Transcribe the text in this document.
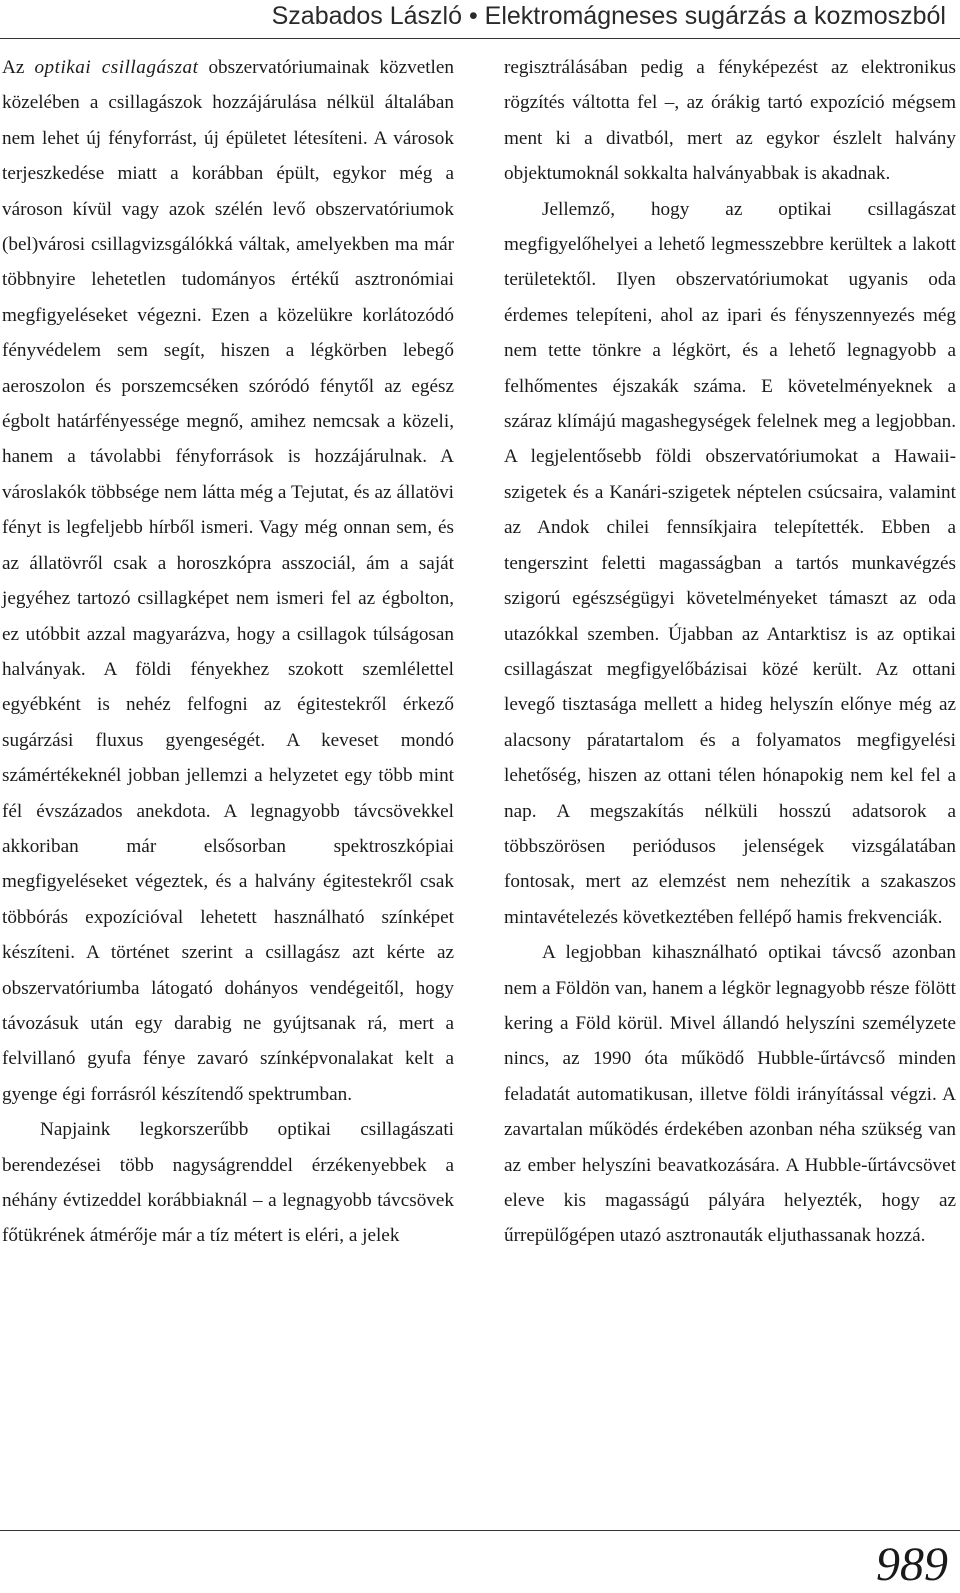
Szabados László • Elektromágneses sugárzás a kozmoszból

Az optikai csillagászat obszervatóriumainak közvetlen közelében a csillagászok hozzájárulása nélkül általában nem lehet új fényforrást, új épületet létesíteni. A városok terjeszkedése miatt a korábban épült, egykor még a városon kívül vagy azok szélén levő obszervatóriumok (bel)városi csillagvizsgálókká váltak, amelyekben ma már többnyire lehetetlen tudományos értékű asztronómiai megfigyeléseket végezni. Ezen a közelükre korlátozódó fényvédelem sem segít, hiszen a légkörben lebegő aeroszolon és porszemcséken szóródó fénytől az egész égbolt határfényessége megnő, amihez nemcsak a közeli, hanem a távolabbi fényforrások is hozzájárulnak. A városlakók többsége nem látta még a Tejutat, és az állatövi fényt is legfeljebb hírből ismeri. Vagy még onnan sem, és az állatövről csak a horoszkópra asszociál, ám a saját jegyéhez tartozó csillagképet nem ismeri fel az égbolton, ez utóbbit azzal magyarázva, hogy a csillagok túlságosan halványak. A földi fényekhez szokott szemlélettel egyébként is nehéz felfogni az égitestekről érkező sugárzási fluxus gyengeségét. A keveset mondó számértékeknél jobban jellemzi a helyzetet egy több mint fél évszázados anekdota. A legnagyobb távcsövekkel akkoriban már elsősorban spektroszkópiai megfigyeléseket végeztek, és a halvány égitestekről csak többórás expozícióval lehetett használható színképet készíteni. A történet szerint a csillagász azt kérte az obszervatóriumba látogató dohányos vendégeitől, hogy távozásuk után egy darabig ne gyújtsanak rá, mert a felvillanó gyufa fénye zavaró színképvonalakat kelt a gyenge égi forrásról készítendő spektrumban.

Napjaink legkorszerűbb optikai csillagászati berendezései több nagyságrenddel érzékenyebbek a néhány évtizeddel korábbiaknál – a legnagyobb távcsövek főtükrének átmérője már a tíz métert is eléri, a jelek

regisztrálásában pedig a fényképezést az elektronikus rögzítés váltotta fel –, az órákig tartó expozíció mégsem ment ki a divatból, mert az egykor észlelt halvány objektumoknál sokkalta halványabbak is akadnak.

Jellemző, hogy az optikai csillagászat megfigyelőhelyei a lehető legmesszebbre kerültek a lakott területektől. Ilyen obszervatóriumokat ugyanis oda érdemes telepíteni, ahol az ipari és fényszennyezés még nem tette tönkre a légkört, és a lehető legnagyobb a felhőmentes éjszakák száma. E követelményeknek a száraz klímájú magashegységek felelnek meg a legjobban. A legjelentősebb földi obszervatóriumokat a Hawaii-szigetek és a Kanári-szigetek néptelen csúcsaira, valamint az Andok chilei fennsíkjaira telepítették. Ebben a tengerszint feletti magasságban a tartós munkavégzés szigorú egészségügyi követelményeket támaszt az oda utazókkal szemben. Újabban az Antarktisz is az optikai csillagászat megfigyelőbázisai közé került. Az ottani levegő tisztasága mellett a hideg helyszín előnye még az alacsony páratartalom és a folyamatos megfigyelési lehetőség, hiszen az ottani télen hónapokig nem kel fel a nap. A megszakítás nélküli hosszú adatsorok a többszörösen periódusos jelenségek vizsgálatában fontosak, mert az elemzést nem nehezítik a szakaszos mintavételezés következtében fellépő hamis frekvenciák.

A legjobban kihasználható optikai távcső azonban nem a Földön van, hanem a légkör legnagyobb része fölött kering a Föld körül. Mivel állandó helyszíni személyzete nincs, az 1990 óta működő Hubble-űrtávcső minden feladatát automatikusan, illetve földi irányítással végzi. A zavartalan működés érdekében azonban néha szükség van az ember helyszíni beavatkozására. A Hubble-űrtávcsövet eleve kis magasságú pályára helyezték, hogy az űrrepülőgépen utazó asztronauták eljuthassanak hozzá.

989
